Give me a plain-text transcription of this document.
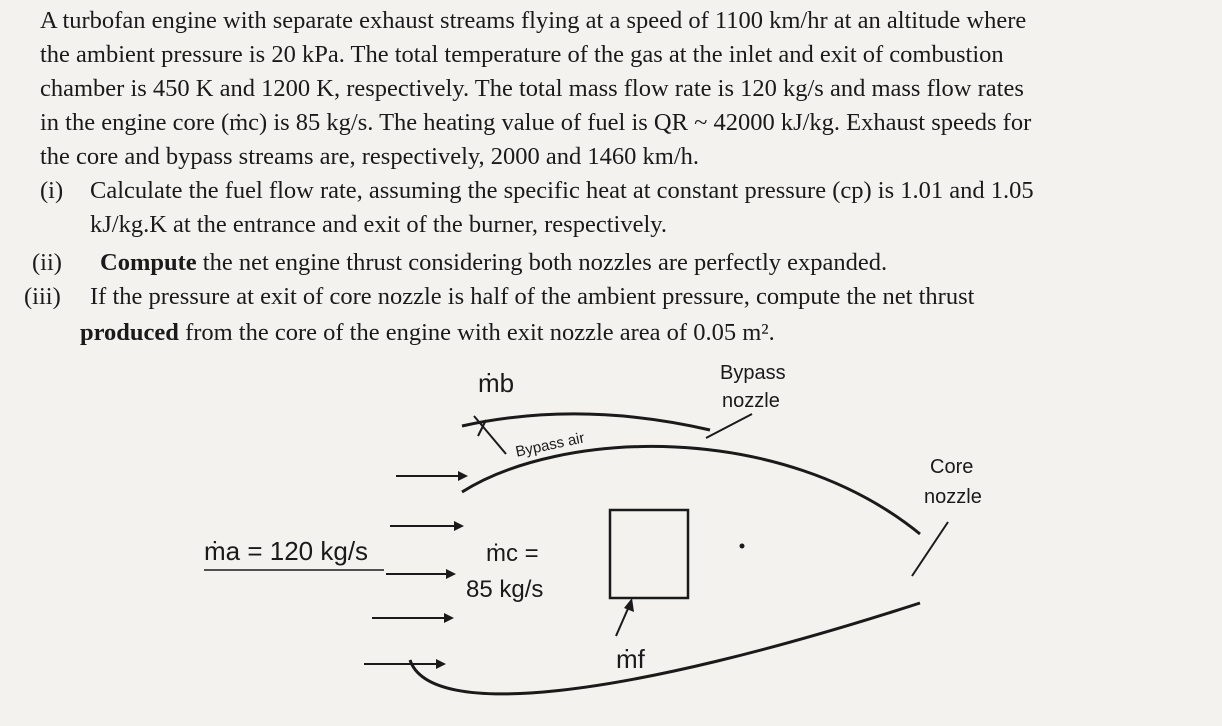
A turbofan engine with separate exhaust streams flying at a speed of 1100 km/hr at an altitude where
the ambient pressure is 20 kPa. The total temperature of the gas at the inlet and exit of combustion
chamber is 450 K and 1200 K, respectively. The total mass flow rate is 120 kg/s and mass flow rates
in the engine core (ṁc) is 85 kg/s. The heating value of fuel is QR ~ 42000 kJ/kg. Exhaust speeds for
the core and bypass streams are, respectively, 2000 and 1460 km/h.
(i) Calculate the fuel flow rate, assuming the specific heat at constant pressure (cp) is 1.01 and 1.05
kJ/kg.K at the entrance and exit of the burner, respectively.
(ii) Compute the net engine thrust considering both nozzles are perfectly expanded.
(iii) If the pressure at exit of core nozzle is half of the ambient pressure, compute the net thrust
produced from the core of the engine with exit nozzle area of 0.05 m².
ṁb	Bypass
nozzle
Bypass air
Core
nozzle
ṁa = 120 kg/s	ṁc =
85 kg/s
ṁf
